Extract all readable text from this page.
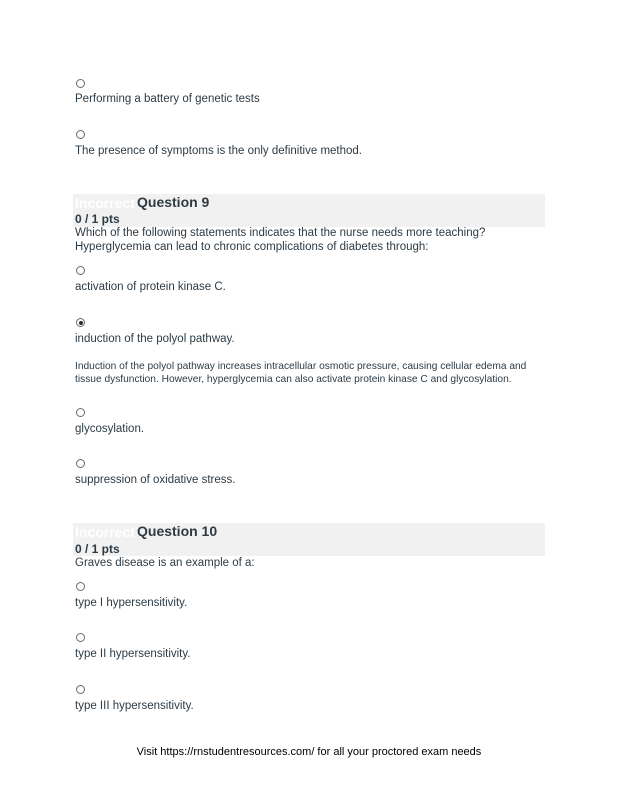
Performing a battery of genetic tests
The presence of symptoms is the only definitive method.
Incorrect Question 9
0 / 1 pts
Which of the following statements indicates that the nurse needs more teaching?
Hyperglycemia can lead to chronic complications of diabetes through:
activation of protein kinase C.
induction of the polyol pathway.
Induction of the polyol pathway increases intracellular osmotic pressure, causing cellular edema and tissue dysfunction. However, hyperglycemia can also activate protein kinase C and glycosylation.
glycosylation.
suppression of oxidative stress.
Incorrect Question 10
0 / 1 pts
Graves disease is an example of a:
type I hypersensitivity.
type II hypersensitivity.
type III hypersensitivity.
Visit https://rnstudentresources.com/ for all your proctored exam needs
